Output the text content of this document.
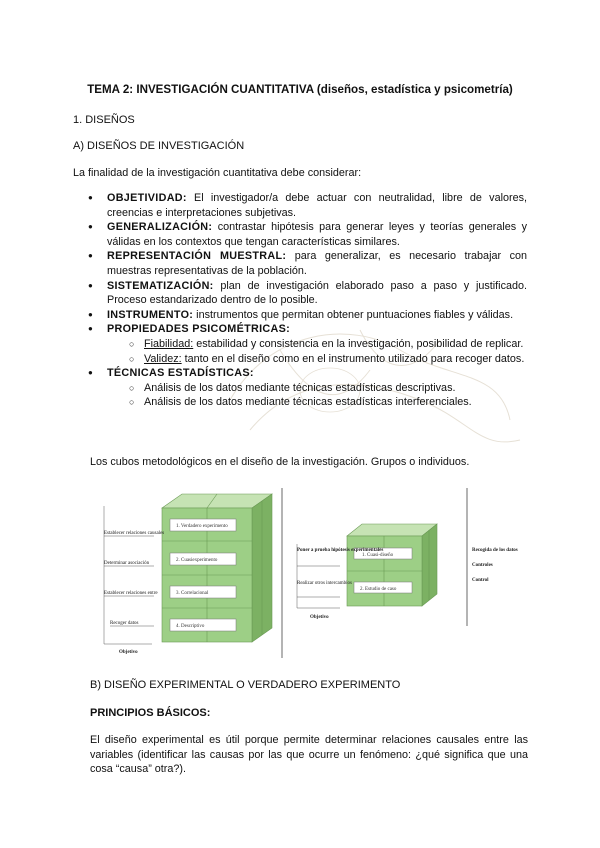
TEMA 2: INVESTIGACIÓN CUANTITATIVA (diseños, estadística y psicometría)

1. DISEÑOS

A) DISEÑOS DE INVESTIGACIÓN

La finalidad de la investigación cuantitativa debe considerar:

● OBJETIVIDAD: El investigador/a debe actuar con neutralidad, libre de valores, creencias e interpretaciones subjetivas.
● GENERALIZACIÓN: contrastar hipótesis para generar leyes y teorías generales y válidas en los contextos que tengan características similares.
● REPRESENTACIÓN MUESTRAL: para generalizar, es necesario trabajar con muestras representativas de la población.
● SISTEMATIZACIÓN: plan de investigación elaborado paso a paso y justificado. Proceso estandarizado dentro de lo posible.
● INSTRUMENTO: instrumentos que permitan obtener puntuaciones fiables y válidas.
● PROPIEDADES PSICOMÉTRICAS:
○ Fiabilidad: estabilidad y consistencia en la investigación, posibilidad de replicar.
○ Validez: tanto en el diseño como en el instrumento utilizado para recoger datos.
● TÉCNICAS ESTADÍSTICAS:
○ Análisis de los datos mediante técnicas estadísticas descriptivas.
○ Análisis de los datos mediante técnicas estadísticas interferenciales.

Los cubos metodológicos en el diseño de la investigación. Grupos o individuos.

1. Verdadero experimento
2. Cuasiexperimento
3. Correlacional
4. Descriptivo
Establecer relaciones causales
Determinar asociación
Establecer relaciones entre
Recoger datos
Objetivo
1. Cuasi-diseño
2. Estudio de caso
Poner a prueba hipótesis experimentales
Realizar otros intercambios
Objetivo
Recogida de los datos
Controles
Control

B) DISEÑO EXPERIMENTAL O VERDADERO EXPERIMENTO

PRINCIPIOS BÁSICOS:

El diseño experimental es útil porque permite determinar relaciones causales entre las variables (identificar las causas por las que ocurre un fenómeno: ¿qué significa que una cosa “causa” otra?).
